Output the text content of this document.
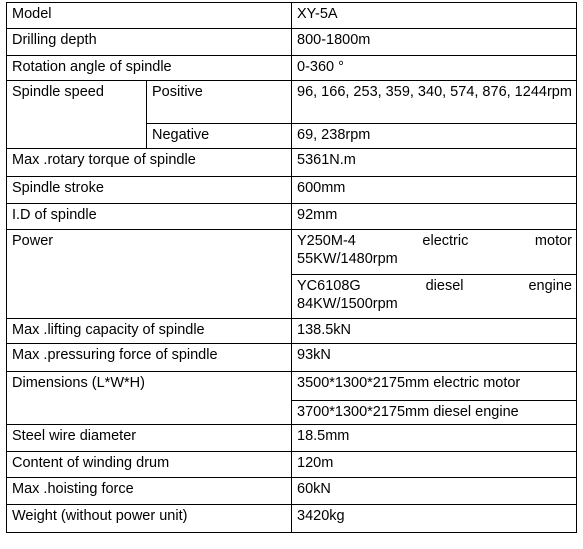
Model		XY-5A
Drilling depth		800-1800m
Rotation angle of spindle		0-360 °
Spindle speed	Positive	96, 166, 253, 359, 340, 574, 876, 1244rpm
	Negative	69, 238rpm
Max .rotary torque of spindle		5361N.m
Spindle stroke		600mm
I.D of spindle		92mm
Power		Y250M-4 electric motor
55KW/1480rpm

		YC6108G diesel engine
84KW/1500rpm

Max .lifting capacity of spindle		138.5kN
Max .pressuring force of spindle		93kN
Dimensions (L*W*H)		3500*1300*2175mm electric motor
		3700*1300*2175mm diesel engine
Steel wire diameter		18.5mm
Content of winding drum		120m
Max .hoisting force		60kN
Weight (without power unit)		3420kg
